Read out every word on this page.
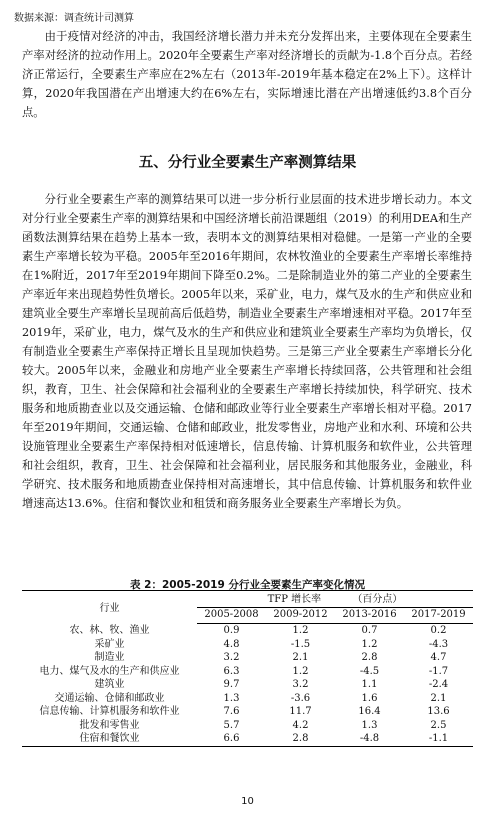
数据来源：调查统计司测算

由于疫情对经济的冲击，我国经济增长潜力并未充分发挥出来，主要体现在全要素生产率对经济的拉动作用上。2020年全要素生产率对经济增长的贡献为-1.8个百分点。若经济正常运行，全要素生产率应在2%左右（2013年-2019年基本稳定在2%上下）。这样计算，2020年我国潜在产出增速大约在6%左右，实际增速比潜在产出增速低约3.8个百分点。

五、分行业全要素生产率测算结果

分行业全要素生产率的测算结果可以进一步分析行业层面的技术进步增长动力。本文对分行业全要素生产率的测算结果和中国经济增长前沿课题组（2019）的利用DEA和生产函数法测算结果在趋势上基本一致，表明本文的测算结果相对稳健。一是第一产业的全要素生产率增长较为平稳。2005年至2016年期间，农林牧渔业的全要素生产率增长率维持在1%附近，2017年至2019年期间下降至0.2%。二是除制造业外的第二产业的全要素生产率近年来出现趋势性负增长。2005年以来，采矿业，电力，煤气及水的生产和供应业和建筑业全要生产率增长呈现前高后低趋势，制造业全要素生产率增速相对平稳。2017年至2019年，采矿业，电力，煤气及水的生产和供应业和建筑业全要素生产率均为负增长，仅有制造业全要素生产率保持正增长且呈现加快趋势。三是第三产业全要素生产率增长分化较大。2005年以来，金融业和房地产业全要素生产率增长持续回落，公共管理和社会组织，教育，卫生、社会保障和社会福利业的全要素生产率增长持续加快，科学研究、技术服务和地质勘查业以及交通运输、仓储和邮政业等行业全要素生产率增长相对平稳。2017年至2019年期间，交通运输、仓储和邮政业，批发零售业，房地产业和水利、环境和公共设施管理业全要素生产率保持相对低速增长，信息传输、计算机服务和软件业，公共管理和社会组织，教育，卫生、社会保障和社会福利业，居民服务和其他服务业，金融业，科学研究、技术服务和地质勘查业保持相对高速增长，其中信息传输、计算机服务和软件业增速高达13.6%。住宿和餐饮业和租赁和商务服务业全要素生产率增长为负。

表 2：2005-2019 分行业全要素生产率变化情况
行业	TFP 增长率 （百分点）			
	2005-2008	2009-2012	2013-2016	2017-2019
农、林、牧、渔业	0.9	1.2	0.7	0.2
采矿业	4.8	-1.5	1.2	-4.3
制造业	3.2	2.1	2.8	4.7
电力、煤气及水的生产和供应业	6.3	1.2	-4.5	-1.7
建筑业	9.7	3.2	1.1	-2.4
交通运输、仓储和邮政业	1.3	-3.6	1.6	2.1
信息传输、计算机服务和软件业	7.6	11.7	16.4	13.6
批发和零售业	5.7	4.2	1.3	2.5
住宿和餐饮业	6.6	2.8	-4.8	-1.1
10
